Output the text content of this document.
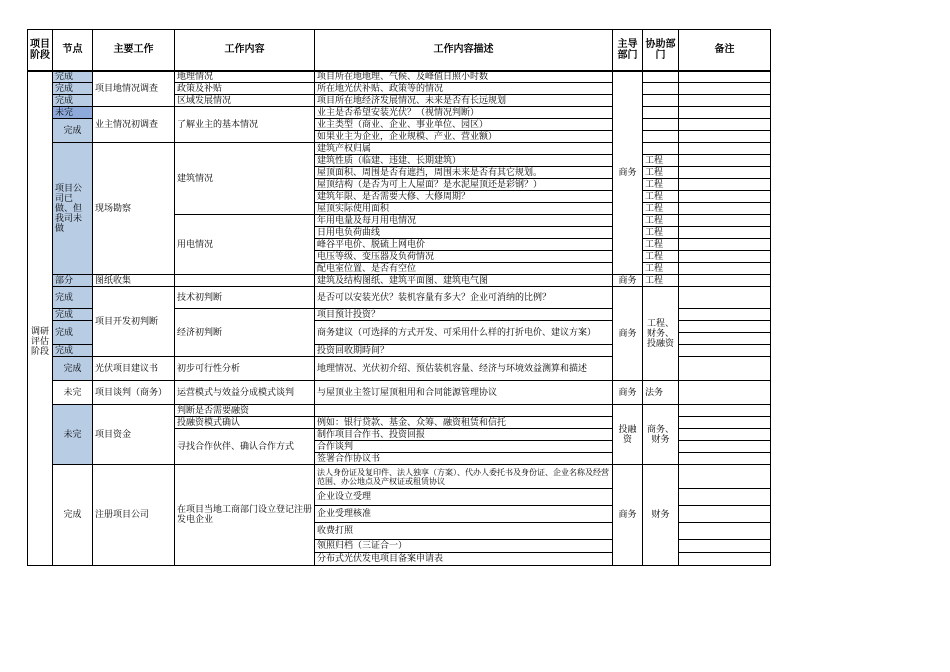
项目阶段	节点	主要工作	工作内容	工作内容描述	主导部门	协助部门	备注
调研评估阶段	完成	项目地情况调查	地理情况	项目所在地地理、气候、及峰值日照小时数	商务		
	完成		政策及补贴	所在地光伏补贴、政策等的情况			
	完成		区域发展情况	项目所在地经济发展情况、未来是否有长远规划			
	未完	业主情况初调查	了解业主的基本情况	业主是否希望安装光伏？（视情况判断）			
	完成			业主类型（商业、企业、事业单位、园区）			
				如果业主为企业，企业规模、产业、营业额）			
	项目公司已做、但我司未做	现场勘察	建筑情况	建筑产权归属			
				建筑性质（临建、违建、长期建筑）		工程	
				屋顶面积、周围是否有遮挡，周围未来是否有其它规划。		工程	
				屋顶结构（是否为可上人屋面？是水泥屋顶还是彩钢？）		工程	
				建筑年限、是否需要大修、大修周期？		工程	
				屋顶实际使用面积		工程	
			用电情况	年用电量及每月用电情况		工程	
				日用电负荷曲线		工程	
				峰谷平电价、脱硫上网电价		工程	
				电压等级、变压器及负荷情况		工程	
				配电室位置、是否有空位		工程	
	部分	图纸收集		建筑及结构图纸、建筑平面图、建筑电气图	商务	工程	
	完成	项目开发初判断	技术初判断	是否可以安装光伏？装机容量有多大？企业可消纳的比例？	商务	工程、财务、投融资	
	完成		经济初判断	项目预计投资？			
	完成			商务建议（可选择的方式开发、可采用什么样的打折电价、建议方案）			

	完成			投资回收期時间？			
	完成	光伏项目建议书	初步可行性分析	地理情况、光伏初介绍、预估装机容量、经济与环境效益测算和描述			
	未完	项目谈判（商务）	运营模式与效益分成模式谈判	与屋顶业主签订屋顶租用和合同能源管理协议	商务	法务	
	未完	项目资金	判断是否需要融资		投融资	商务、财务	
			投融资模式确认	例如：银行贷款、基金、众筹、融资租赁和信托			
			寻找合作伙伴、确认合作方式	制作项目合作书、投资回报			
				合作谈判			
				签署合作协议书			
	完成	注册项目公司	在项目当地工商部门设立登记注册发电企业	法人身份证及复印件、法人独享（方案）、代办人委托书及身份证、企业名称及经营范围、办公地点及产权证或租赁协议	商务	财务	
				企业设立受理			
				企业受理核准			
				收费打照			
				领照归档（三证合一）			
				分布式光伏发电项目备案申请表			
